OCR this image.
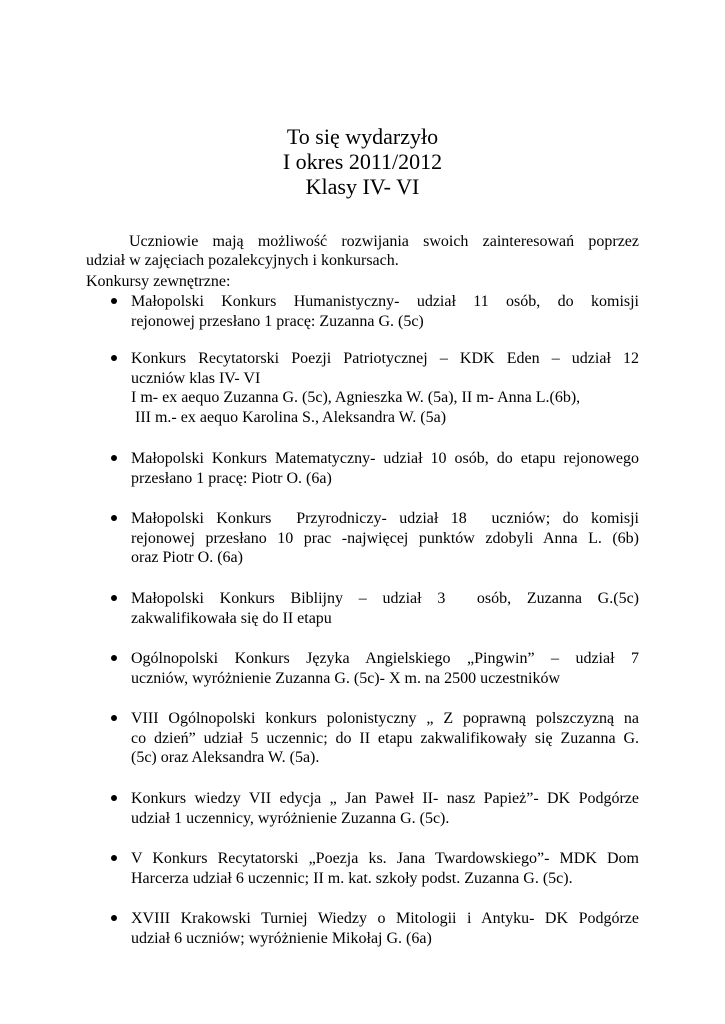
To się wydarzyło
I okres 2011/2012
Klasy IV- VI
Uczniowie mają możliwość rozwijania swoich zainteresowań poprzez
udział w zajęciach pozalekcyjnych i konkursach.
Konkursy zewnętrzne:
Małopolski Konkurs Humanistyczny- udział 11 osób, do komisji
rejonowej przesłano 1 pracę: Zuzanna G. (5c)
Konkurs Recytatorski Poezji Patriotycznej – KDK Eden – udział 12
uczniów klas IV- VI
I m- ex aequo Zuzanna G. (5c), Agnieszka W. (5a), II m- Anna L.(6b),
III m.- ex aequo Karolina S., Aleksandra W. (5a)
Małopolski Konkurs Matematyczny- udział 10 osób, do etapu rejonowego
przesłano 1 pracę: Piotr O. (6a)
Małopolski Konkurs  Przyrodniczy- udział 18  uczniów; do komisji
rejonowej przesłano 10 prac -najwięcej punktów zdobyli Anna L. (6b)
oraz Piotr O. (6a)
Małopolski Konkurs Biblijny – udział 3  osób, Zuzanna G.(5c)
zakwalifikowała się do II etapu
Ogólnopolski Konkurs Języka Angielskiego „Pingwin” – udział 7
uczniów, wyróżnienie Zuzanna G. (5c)- X m. na 2500 uczestników
VIII Ogólnopolski konkurs polonistyczny „ Z poprawną polszczyzną na
co dzień” udział 5 uczennic; do II etapu zakwalifikowały się Zuzanna G.
(5c) oraz Aleksandra W. (5a).
Konkurs wiedzy VII edycja „ Jan Paweł II- nasz Papież”- DK Podgórze
udział 1 uczennicy, wyróżnienie Zuzanna G. (5c).
V Konkurs Recytatorski „Poezja ks. Jana Twardowskiego”- MDK Dom
Harcerza udział 6 uczennic; II m. kat. szkoły podst. Zuzanna G. (5c).
XVIII Krakowski Turniej Wiedzy o Mitologii i Antyku- DK Podgórze
udział 6 uczniów; wyróżnienie Mikołaj G. (6a)
